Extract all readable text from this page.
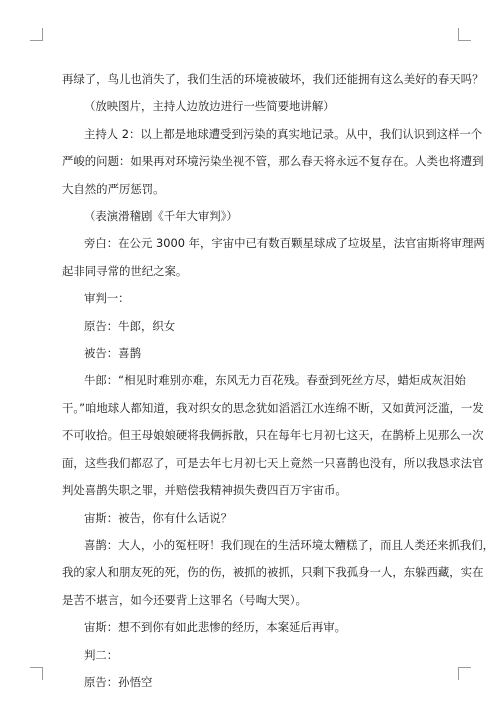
再绿了，鸟儿也消失了，我们生活的环境被破坏，我们还能拥有这么美好的春天吗？
（放映图片，主持人边放边进行一些简要地讲解）
主持人 2：以上都是地球遭受到污染的真实地记录。从中，我们认识到这样一个
严峻的问题：如果再对环境污染坐视不管，那么春天将永远不复存在。人类也将遭到
大自然的严厉惩罚。
（表演滑稽剧《千年大审判》）
旁白：在公元 3000 年，宇宙中已有数百颗星球成了垃圾星，法官宙斯将审理两
起非同寻常的世纪之案。
审判一：
原告：牛郎，织女
被告：喜鹊
牛郎：“相见时难别亦难，东风无力百花残。春蚕到死丝方尽，蜡炬成灰泪始
干。”咱地球人都知道，我对织女的思念犹如滔滔江水连绵不断，又如黄河泛滥，一发
不可收拾。但王母娘娘硬将我俩拆散，只在每年七月初七这天，在鹊桥上见那么一次
面，这些我们都忍了，可是去年七月初七天上竟然一只喜鹊也没有，所以我恳求法官
判处喜鹊失职之罪，并赔偿我精神损失费四百万宇宙币。
宙斯：被告，你有什么话说？
喜鹊：大人，小的冤枉呀！我们现在的生活环境太糟糕了，而且人类还来抓我们，
我的家人和朋友死的死，伤的伤，被抓的被抓，只剩下我孤身一人，东躲西藏，实在
是苦不堪言，如今还要背上这罪名（号啕大哭）。
宙斯：想不到你有如此悲惨的经历，本案延后再审。
判二：
原告：孙悟空
